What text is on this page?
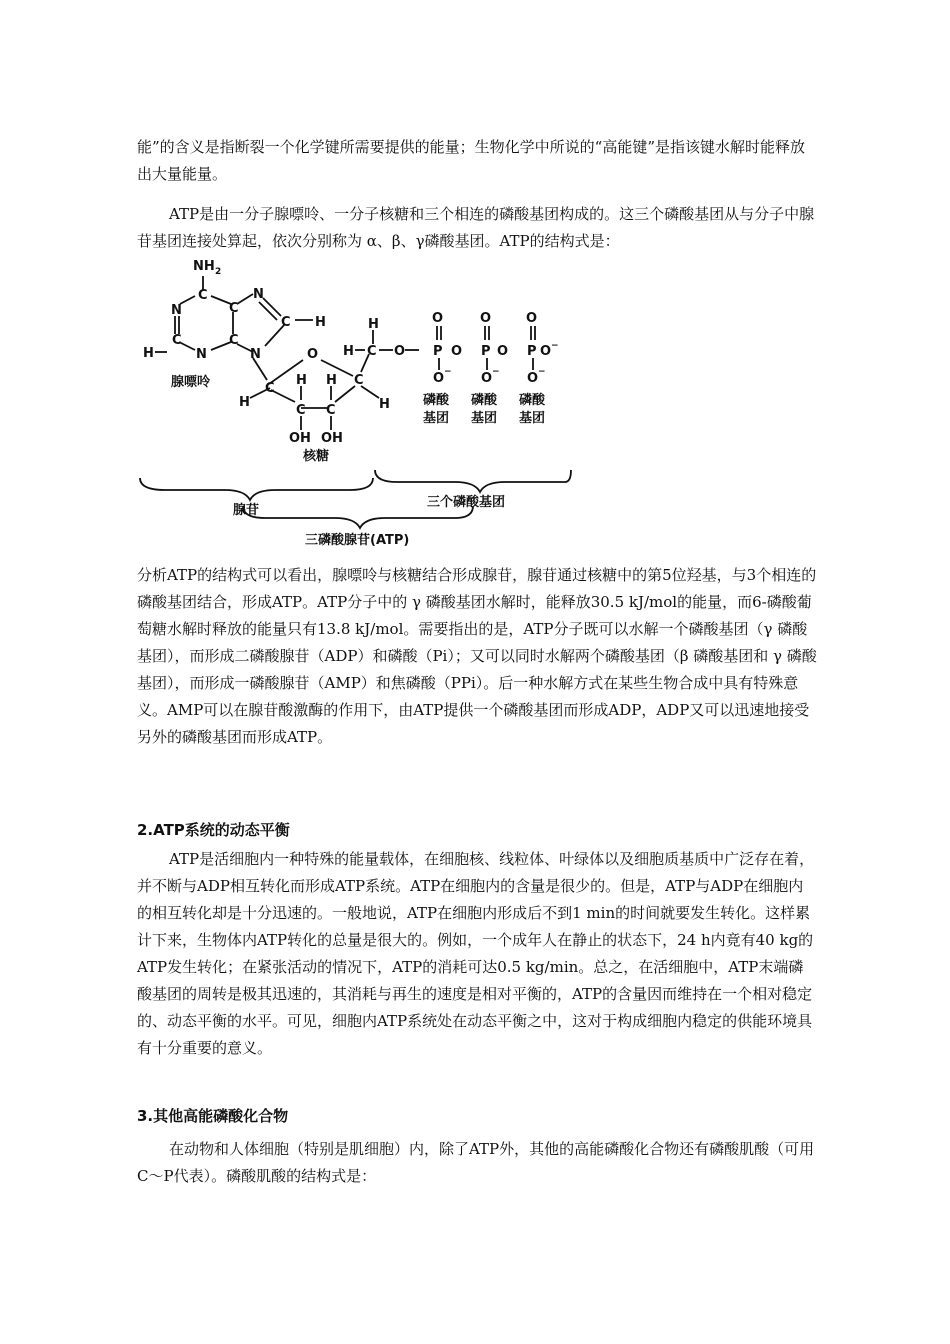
能”的含义是指断裂一个化学键所需要提供的能量；生物化学中所说的“高能键”是指该键水解时能释放出大量能量。

ATP是由一分子腺嘌呤、一分子核糖和三个相连的磷酸基团构成的。这三个磷酸基团从与分子中腺苷基团连接处算起，依次分别称为 α、β、γ磷酸基团。ATP的结构式是：

NH 2
C
N	C
N
C H
C
H	N
C
N
腺嘌呤
O
C
H
H H
C C
C
H
OH OH
核糖
H
H C O
O
P
O −
O
O
P
O −
O
O
P O −
O −
磷酸
基团
磷酸
基团
磷酸
基团
腺苷
三个磷酸基团
三磷酸腺苷(ATP)

分析ATP的结构式可以看出，腺嘌呤与核糖结合形成腺苷，腺苷通过核糖中的第5位羟基，与3个相连的磷酸基团结合，形成ATP。ATP分子中的 γ 磷酸基团水解时，能释放30.5 kJ/mol的能量，而6-磷酸葡萄糖水解时释放的能量只有13.8 kJ/mol。需要指出的是，ATP分子既可以水解一个磷酸基团（γ 磷酸基团），而形成二磷酸腺苷（ADP）和磷酸（Pi）；又可以同时水解两个磷酸基团（β 磷酸基团和 γ 磷酸基团），而形成一磷酸腺苷（AMP）和焦磷酸（PPi）。后一种水解方式在某些生物合成中具有特殊意义。AMP可以在腺苷酸激酶的作用下，由ATP提供一个磷酸基团而形成ADP，ADP又可以迅速地接受另外的磷酸基团而形成ATP。

2.ATP系统的动态平衡

ATP是活细胞内一种特殊的能量载体，在细胞核、线粒体、叶绿体以及细胞质基质中广泛存在着，并不断与ADP相互转化而形成ATP系统。ATP在细胞内的含量是很少的。但是，ATP与ADP在细胞内的相互转化却是十分迅速的。一般地说，ATP在细胞内形成后不到1 min的时间就要发生转化。这样累计下来，生物体内ATP转化的总量是很大的。例如，一个成年人在静止的状态下，24 h内竟有40 kg的ATP发生转化；在紧张活动的情况下，ATP的消耗可达0.5 kg/min。总之，在活细胞中，ATP末端磷酸基团的周转是极其迅速的，其消耗与再生的速度是相对平衡的，ATP的含量因而维持在一个相对稳定的、动态平衡的水平。可见，细胞内ATP系统处在动态平衡之中，这对于构成细胞内稳定的供能环境具有十分重要的意义。

3.其他高能磷酸化合物

在动物和人体细胞（特别是肌细胞）内，除了ATP外，其他的高能磷酸化合物还有磷酸肌酸（可用C～P代表）。磷酸肌酸的结构式是：
